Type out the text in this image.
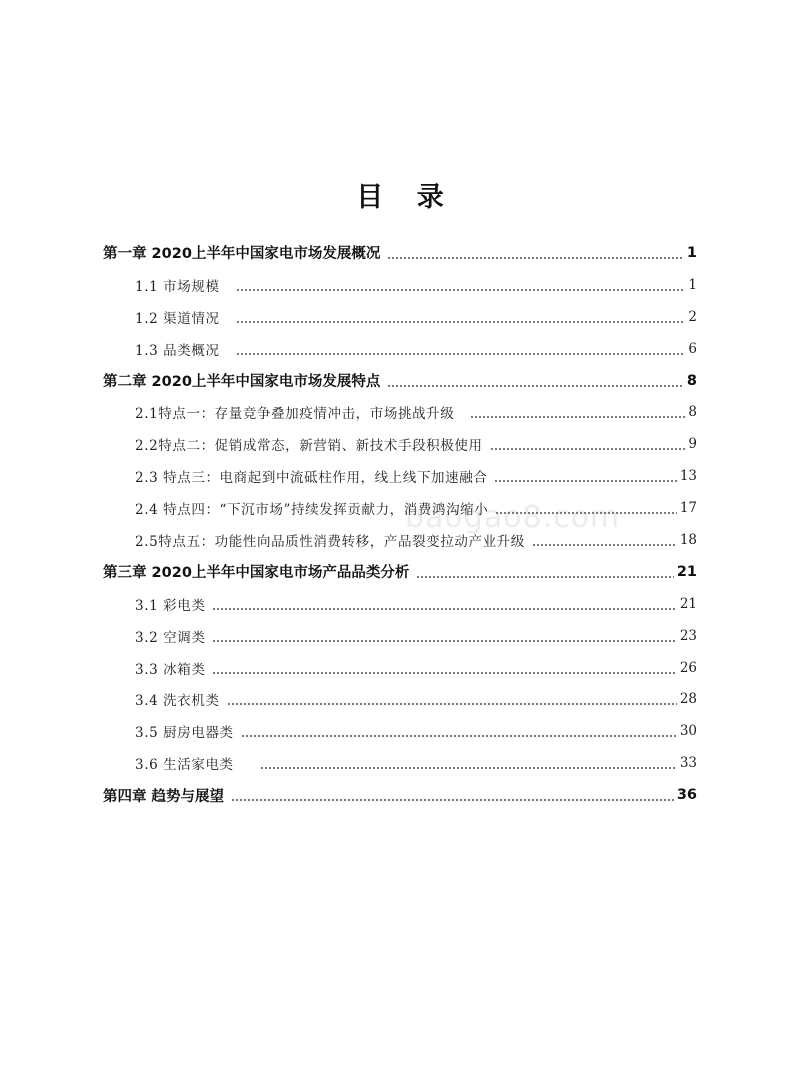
目 录
baogao8.com
第一章 2020上半年中国家电市场发展概况	1
1.1 市场规模	1
1.2 渠道情况	2
1.3 品类概况	6
第二章 2020上半年中国家电市场发展特点	8
2.1特点一：存量竞争叠加疫情冲击，市场挑战升级	8
2.2特点二：促销成常态，新营销、新技术手段积极使用	9
2.3 特点三：电商起到中流砥柱作用，线上线下加速融合	13
2.4 特点四：“下沉市场”持续发挥贡献力，消费鸿沟缩小	17
2.5特点五：功能性向品质性消费转移，产品裂变拉动产业升级	18
第三章 2020上半年中国家电市场产品品类分析	21
3.1 彩电类	21
3.2 空调类	23
3.3 冰箱类	26
3.4 洗衣机类	28
3.5 厨房电器类	30
3.6 生活家电类	33
第四章 趋势与展望	36
